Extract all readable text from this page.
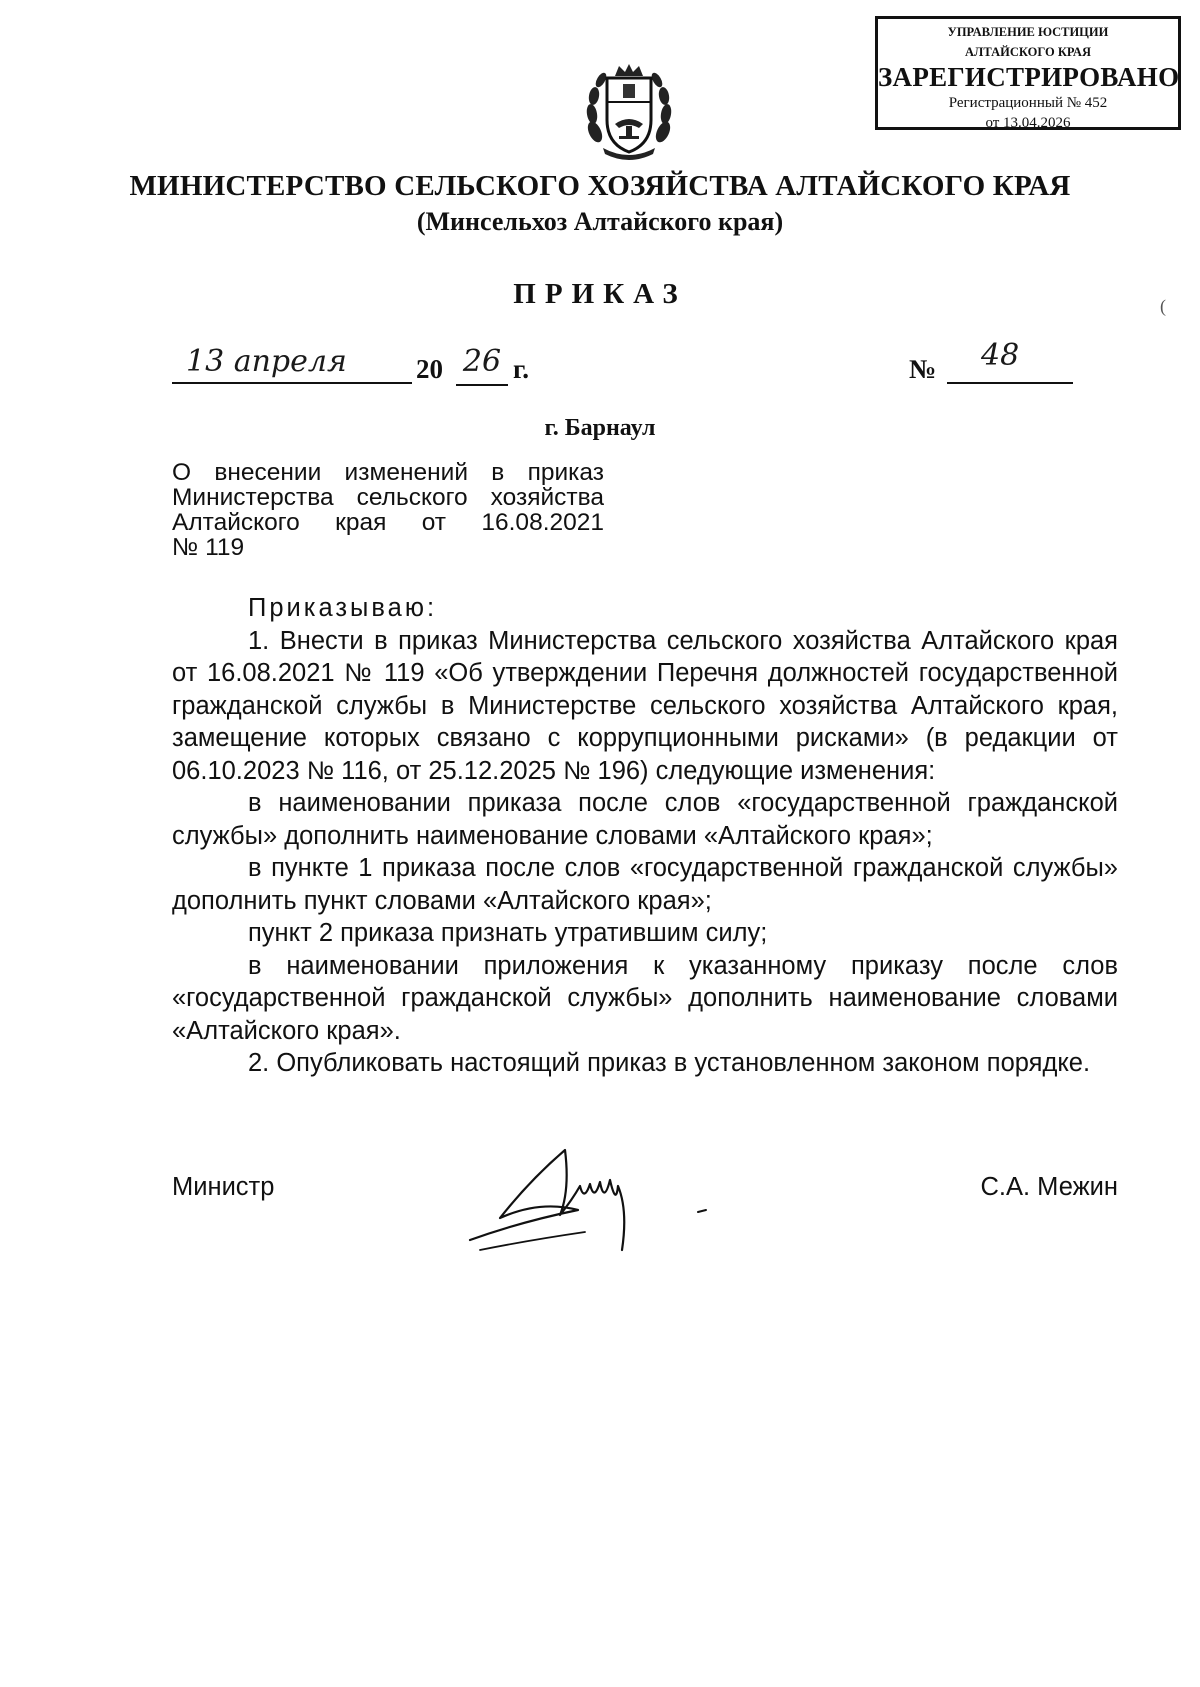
УПРАВЛЕНИЕ ЮСТИЦИИ
АЛТАЙСКОГО КРАЯ
ЗАРЕГИСТРИРОВАНО
Регистрационный № 452
от 13.04.2026
МИНИСТЕРСТВО СЕЛЬСКОГО ХОЗЯЙСТВА АЛТАЙСКОГО КРАЯ
(Минсельхоз Алтайского края)
ПРИКАЗ	(
13 апреля	20 26 г.	№	48
г. Барнаул
О внесении изменений в приказ
Министерства сельского хозяйства
Алтайского края от 16.08.2021
№ 119

Приказываю:

1. Внести в приказ Министерства сельского хозяйства Алтайского края от 16.08.2021 № 119 «Об утверждении Перечня должностей государственной гражданской службы в Министерстве сельского хозяйства Алтайского края, замещение которых связано с коррупционными рисками» (в редакции от 06.10.2023 № 116, от 25.12.2025 № 196) следующие изменения:

в наименовании приказа после слов «государственной гражданской службы» дополнить наименование словами «Алтайского края»;

в пункте 1 приказа после слов «государственной гражданской службы» дополнить пункт словами «Алтайского края»;

пункт 2 приказа признать утратившим силу;

в наименовании приложения к указанному приказу после слов «государственной гражданской службы» дополнить наименование словами «Алтайского края».

2. Опубликовать настоящий приказ в установленном законом порядке.

Министр	С.А. Межин
